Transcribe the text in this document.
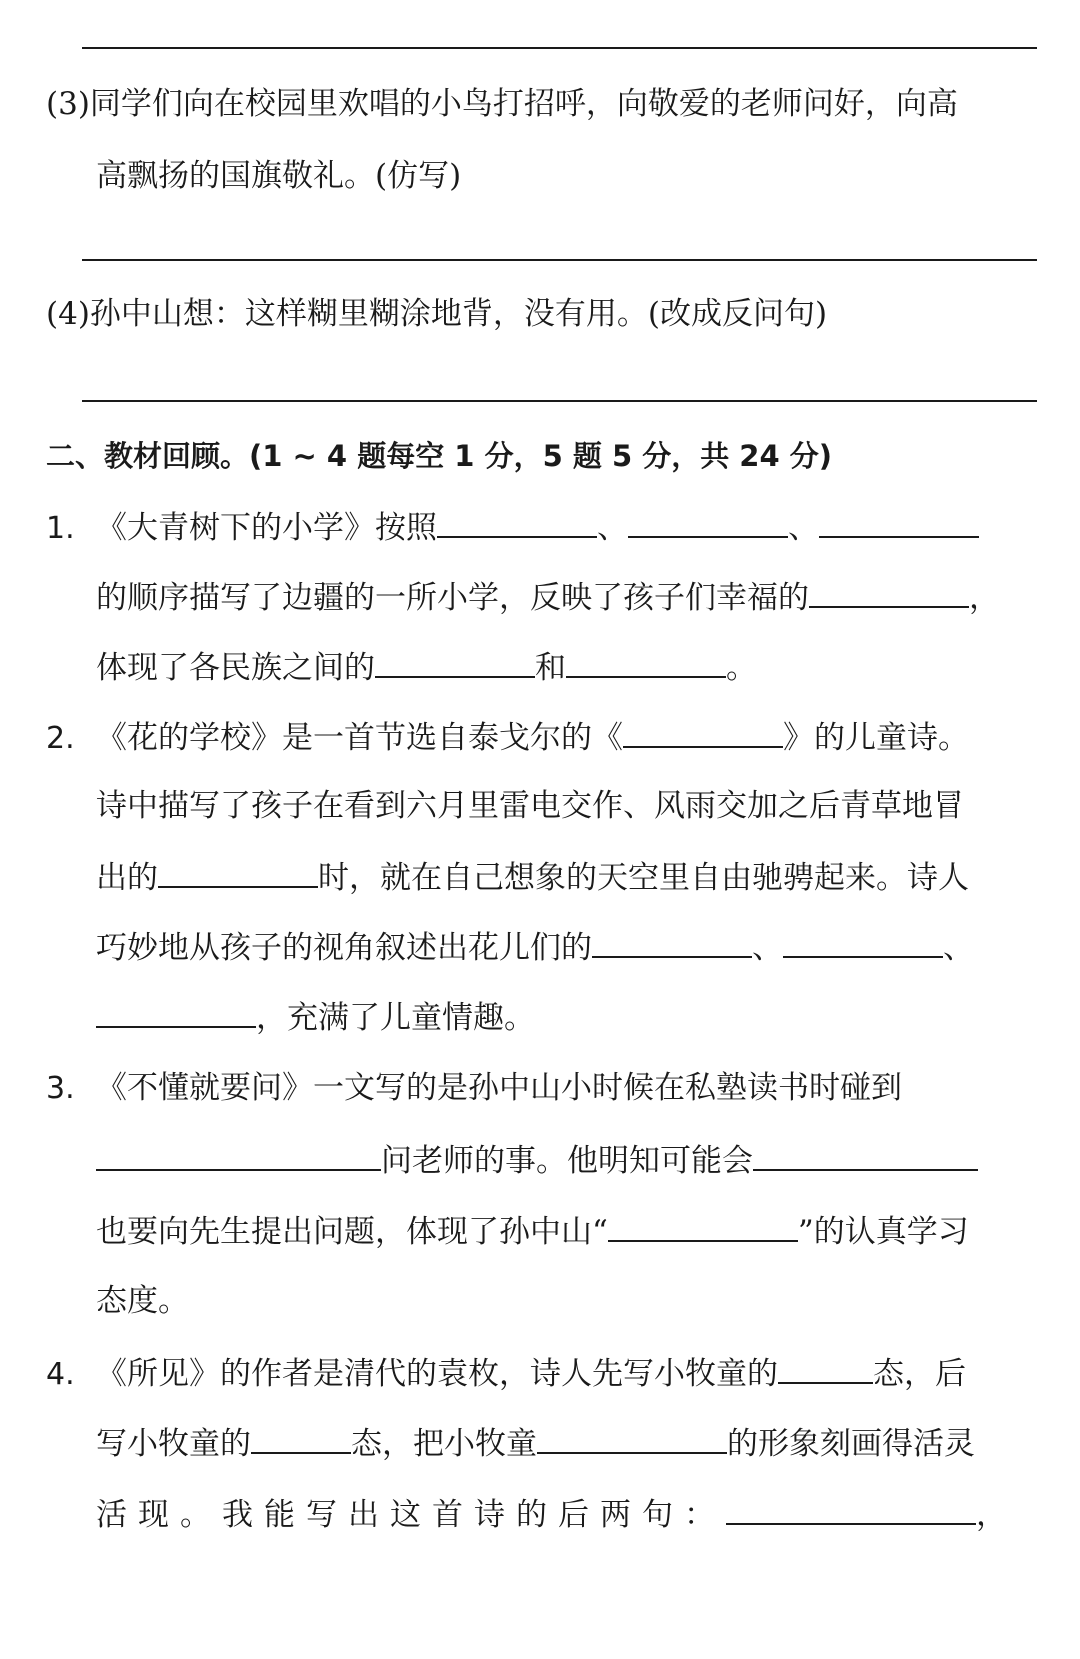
(3)同学们向在校园里欢唱的小鸟打招呼，向敬爱的老师问好，向高
高飘扬的国旗敬礼。(仿写)
(4)孙中山想：这样糊里糊涂地背，没有用。(改成反问句)
二、教材回顾。(1 ~ 4 题每空 1 分，5 题 5 分，共 24 分)
1. 《大青树下的小学》按照	、	、
的顺序描写了边疆的一所小学，反映了孩子们幸福的	，
体现了各民族之间的	和	。
2. 《花的学校》是一首节选自泰戈尔的《	》的儿童诗。
诗中描写了孩子在看到六月里雷电交作、风雨交加之后青草地冒
出的	时，就在自己想象的天空里自由驰骋起来。诗人
巧妙地从孩子的视角叙述出花儿们的	、	、
，充满了儿童情趣。
3. 《不懂就要问》一文写的是孙中山小时候在私塾读书时碰到
问老师的事。他明知可能会
也要向先生提出问题，体现了孙中山“	”的认真学习
态度。
4. 《所见》的作者是清代的袁枚，诗人先写小牧童的	态，后
写小牧童的	态，把小牧童	的形象刻画得活灵
活现。我能写出这首诗的后两句：	，
